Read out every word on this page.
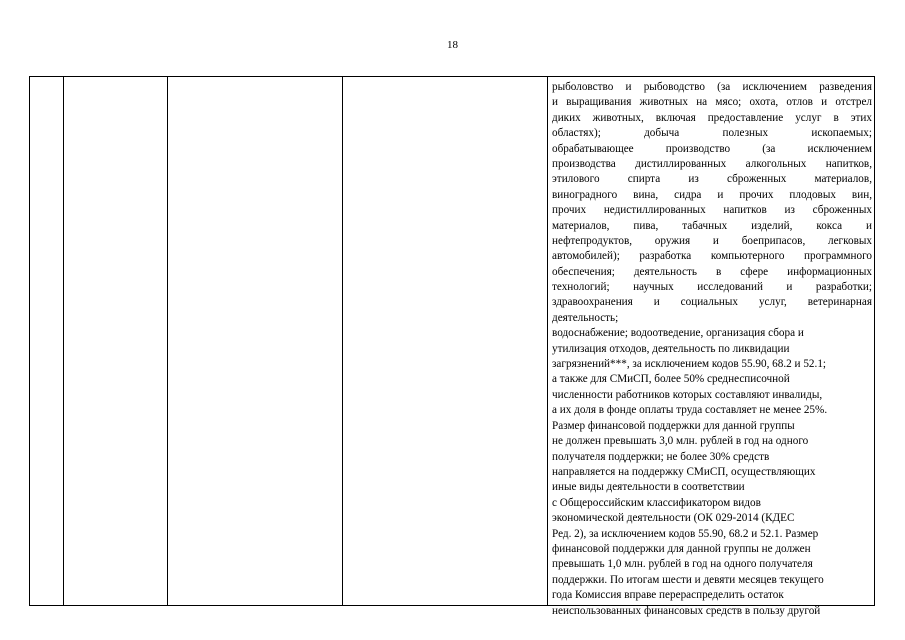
18
рыболовство и рыбоводство (за исключением разведения
и выращивания животных на мясо; охота, отлов и отстрел
диких животных, включая предоставление услуг в этих
областях); добыча полезных ископаемых;
обрабатывающее производство (за исключением
производства дистиллированных алкогольных напитков,
этилового спирта из сброженных материалов,
виноградного вина, сидра и прочих плодовых вин,
прочих недистиллированных напитков из сброженных
материалов, пива, табачных изделий, кокса и
нефтепродуктов, оружия и боеприпасов, легковых
автомобилей); разработка компьютерного программного
обеспечения; деятельность в сфере информационных
технологий; научных исследований и разработки;
здравоохранения и социальных услуг, ветеринарная
деятельность;
водоснабжение; водоотведение, организация сбора и
утилизация отходов, деятельность по ликвидации
загрязнений***, за исключением кодов 55.90, 68.2 и 52.1;
а также для СМиСП, более 50% среднесписочной
численности работников которых составляют инвалиды,
а их доля в фонде оплаты труда составляет не менее 25%.
Размер финансовой поддержки для данной группы
не должен превышать 3,0 млн. рублей в год на одного
получателя поддержки; не более 30% средств
направляется на поддержку СМиСП, осуществляющих
иные виды деятельности в соответствии
с Общероссийским классификатором видов
экономической деятельности (ОК 029-2014 (КДЕС
Ред. 2), за исключением кодов 55.90, 68.2 и 52.1. Размер
финансовой поддержки для данной группы не должен
превышать 1,0 млн. рублей в год на одного получателя
поддержки. По итогам шести и девяти месяцев текущего
года Комиссия вправе перераспределить остаток
неиспользованных финансовых средств в пользу другой
